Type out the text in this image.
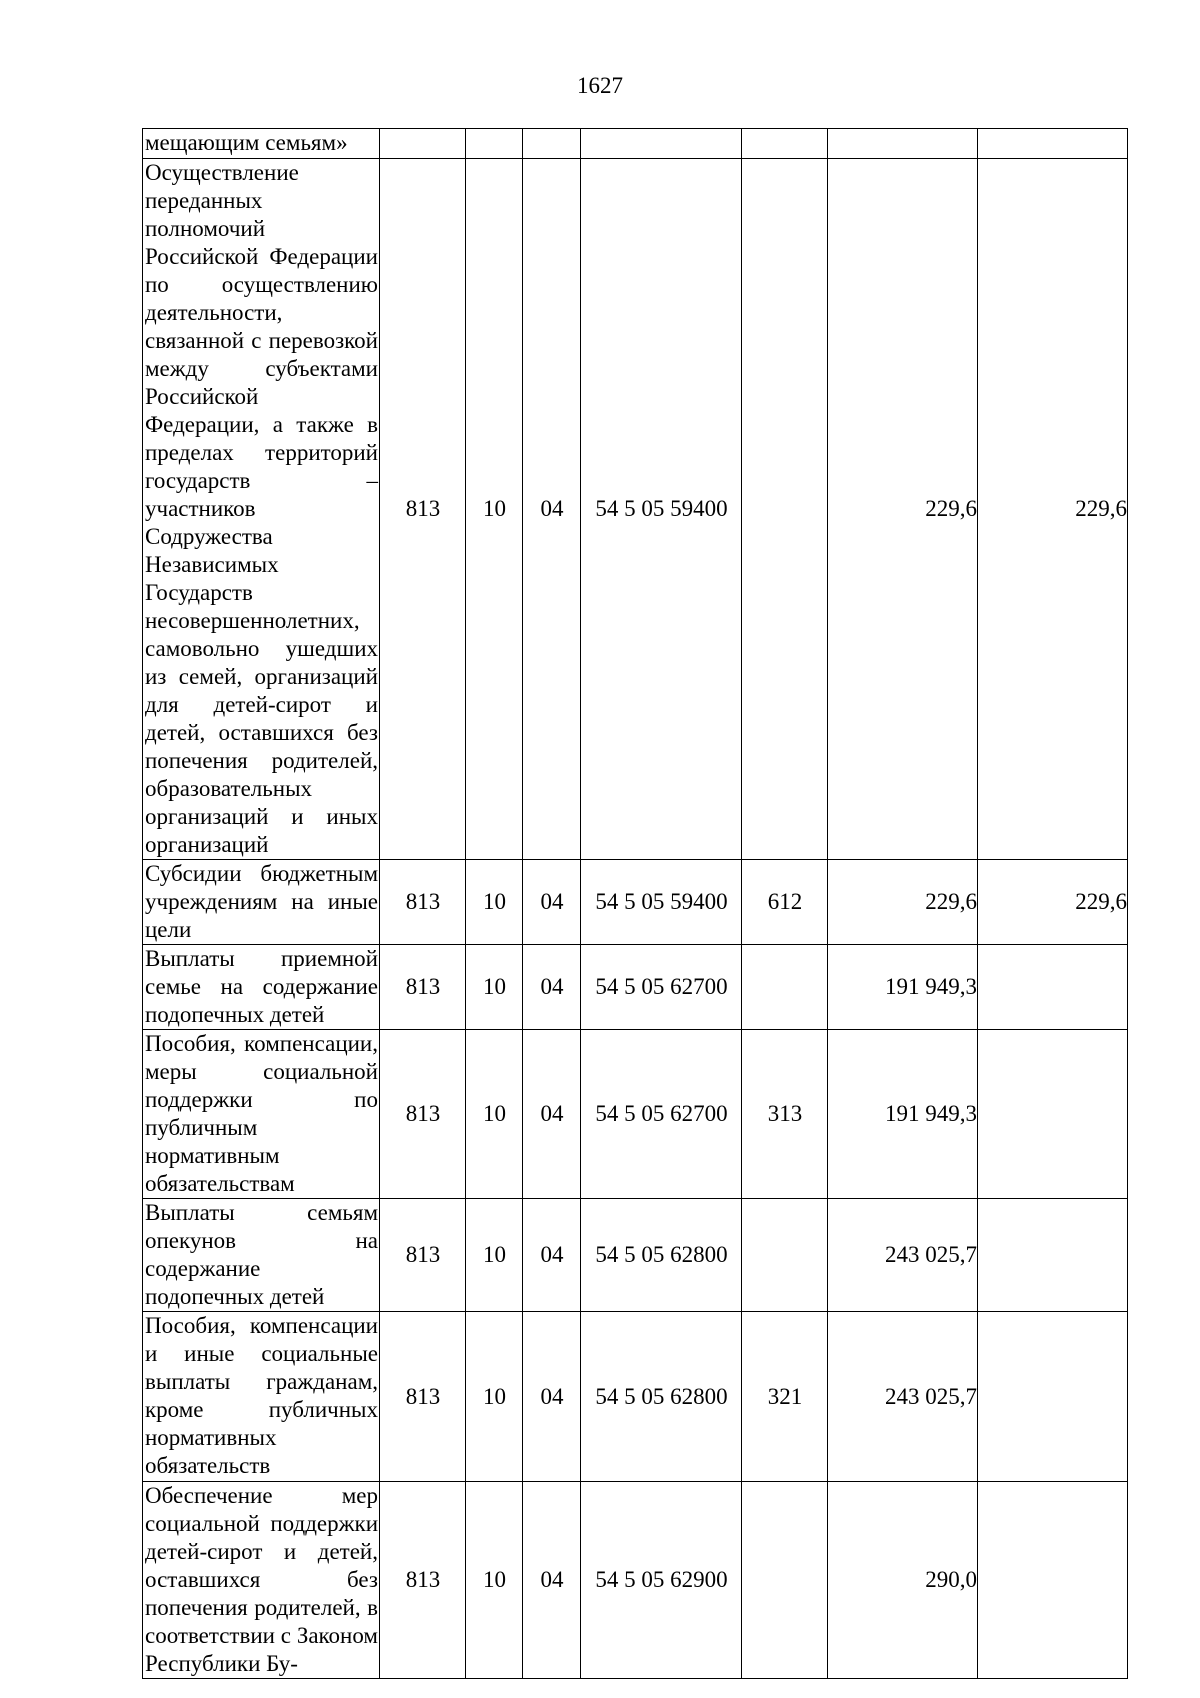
1627
мещающим семьям»							
Осуществление переданных полномочий Российской Федерации по осуществлению деятельности, связанной с перевозкой между субъектами Российской Федерации, а также в пределах территорий государств – участников Содружества Независимых Государств несовершеннолетних, самовольно ушедших из семей, организаций для детей-сирот и детей, оставшихся без попечения родителей, образовательных организаций и иных организаций	813	10	04	54 5 05 59400		229,6	229,6
Субсидии бюджетным учреждениям на иные цели	813	10	04	54 5 05 59400	612	229,6	229,6
Выплаты приемной семье на содержание подопечных детей	813	10	04	54 5 05 62700		191 949,3	
Пособия, компенсации, меры социальной поддержки по публичным нормативным обязательствам	813	10	04	54 5 05 62700	313	191 949,3	
Выплаты семьям опекунов на содержание подопечных детей	813	10	04	54 5 05 62800		243 025,7	
Пособия, компенсации и иные социальные выплаты гражданам, кроме публичных нормативных обязательств	813	10	04	54 5 05 62800	321	243 025,7	
Обеспечение мер социальной поддержки детей-сирот и детей, оставшихся без попечения родителей, в соответствии с Законом Республики Бу-	813	10	04	54 5 05 62900		290,0	
